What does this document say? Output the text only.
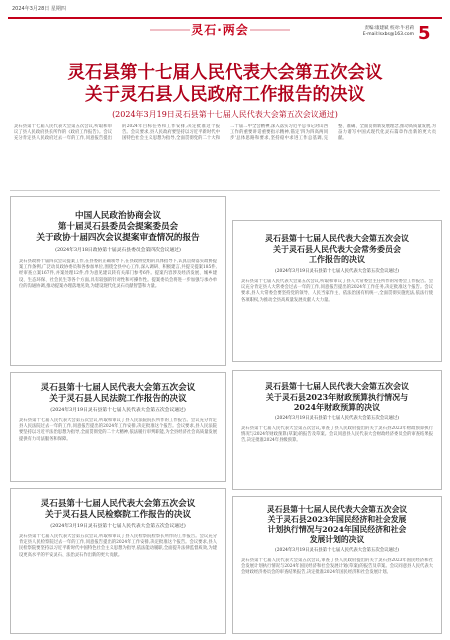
2024年3月28日 星期四
灵石·两会	责编:康建斌 校对:牛君莉
E-mail:lsxbs@163.com 5
灵石县第十七届人民代表大会第五次会议
关于灵石县人民政府工作报告的决议
(2024年3月19日灵石县第十七届人民代表大会第五次会议通过)
灵石县第十七届人民代表大会第五次会议,听取和审议了县人民政府县长所作的《政府工作报告》。会议充分肯定县人民政府过去一年的工作,同意报告提出的2024年目标任务和工作安排,决定批准这个报告。会议要求,县人民政府要坚持以习近平新时代中国特色社会主义思想为指导,全面贯彻党的二十大和二十届二中全会精神,深入落实习近平总书记对山西工作的重要讲话重要指示精神,锚定'四为四高两同步'总体思路和要求,坚持稳中求进工作总基调,完整、准确、全面贯彻新发展理念,推动高质量发展,为奋力谱写中国式现代化灵石篇章作出新的更大贡献。
中国人民政治协商会议
第十届灵石县委员会提案委员会
关于政协十届四次会议提案审查情况的报告
(2024年3月18日政协第十届灵石县委员会第四次会议通过)
灵石县政协十届四次会议提案工作,在县委的正确领导下,在县政协党组的具体指导下,认真贯彻落实政协提案工作条例,广泛动员政协委员和各参加单位,围绕全县中心工作,深入调研、积极建言,共提交提案185件,经审查立案167件,并案处理12件,作为意见建议转有关部门参考6件。提案内容涉及经济发展、城乡建设、生态环保、社会民生等各个方面,具有较强的针对性和可操作性。提案委员会将进一步加强与承办单位的沟通协调,推动提案办理落地见效,为建设现代化灵石贡献智慧和力量。
灵石县第十七届人民代表大会第五次会议
关于灵石县人民法院工作报告的决议
(2024年3月19日灵石县第十七届人民代表大会第五次会议通过)
灵石县第十七届人民代表大会第五次会议,听取和审议了县人民法院院长所作的工作报告。会议充分肯定县人民法院过去一年的工作,同意报告提出的2024年工作安排,决定批准这个报告。会议要求,县人民法院要坚持以习近平法治思想为指导,全面贯彻党的二十大精神,依法履行审判职能,为全县经济社会高质量发展提供有力司法服务和保障。
灵石县第十七届人民代表大会第五次会议
关于灵石县人民检察院工作报告的决议
(2024年3月19日灵石县第十七届人民代表大会第五次会议通过)
灵石县第十七届人民代表大会第五次会议,听取和审议了县人民检察院检察长所作的工作报告。会议充分肯定县人民检察院过去一年的工作,同意报告提出的2024年工作安排,决定批准这个报告。会议要求,县人民检察院要坚持以习近平新时代中国特色社会主义思想为指导,依法能动履职,全面提升法律监督质效,为建设更高水平的平安灵石、法治灵石作出新的更大贡献。
灵石县第十七届人民代表大会第五次会议
关于灵石县人民代表大会常务委员会
工作报告的决议
(2024年3月19日灵石县第十七届人民代表大会第五次会议通过)
灵石县第十七届人民代表大会第五次会议,听取和审议了县人大常委会主任所作的常委会工作报告。会议充分肯定县人大常委会过去一年的工作,同意报告提出的2024年工作任务,决定批准这个报告。会议要求,县人大常委会要坚持党的领导、人民当家作主、依法治国有机统一,全面贯彻实施宪法,依法行使各项职权,为推动全县高质量发展贡献人大力量。
灵石县第十七届人民代表大会第五次会议
关于灵石县2023年财政预算执行情况与
2024年财政预算的决议
(2024年3月19日灵石县第十七届人民代表大会第五次会议通过)
灵石县第十七届人民代表大会第五次会议,审查了县人民政府提出的关于灵石县2023年财政预算执行情况与2024年财政预算(草案)的报告及草案。会议同意县人民代表大会财政经济委员会的审查结果报告,决定批准2024年县级预算。
灵石县第十七届人民代表大会第五次会议
关于灵石县2023年国民经济和社会发展
计划执行情况与2024年国民经济和社会
发展计划的决议
(2024年3月19日灵石县第十七届人民代表大会第五次会议通过)
灵石县第十七届人民代表大会第五次会议,审查了县人民政府提出的关于灵石县2023年国民经济和社会发展计划执行情况与2024年国民经济和社会发展计划(草案)的报告及草案。会议同意县人民代表大会财政经济委员会的审查结果报告,决定批准2024年国民经济和社会发展计划。
